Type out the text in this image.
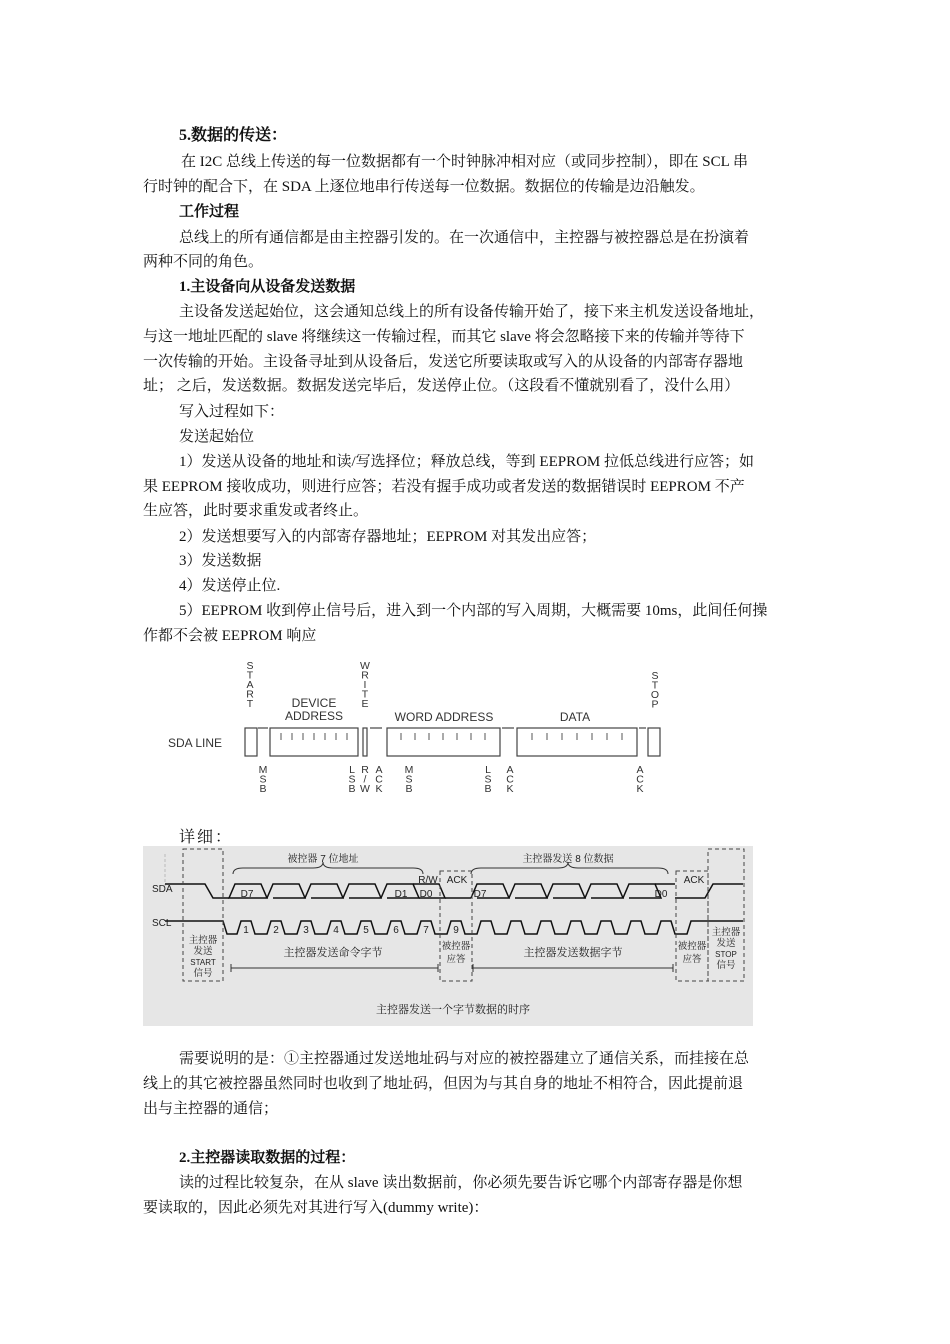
5.数据的传送：
在 I2C 总线上传送的每一位数据都有一个时钟脉冲相对应（或同步控制），即在 SCL 串
行时钟的配合下，在 SDA 上逐位地串行传送每一位数据。数据位的传输是边沿触发。
工作过程
总线上的所有通信都是由主控器引发的。在一次通信中，主控器与被控器总是在扮演着
两种不同的角色。
1.主设备向从设备发送数据
主设备发送起始位，这会通知总线上的所有设备传输开始了，接下来主机发送设备地址，
与这一地址匹配的 slave 将继续这一传输过程，而其它 slave 将会忽略接下来的传输并等待下
一次传输的开始。主设备寻址到从设备后，发送它所要读取或写入的从设备的内部寄存器地
址； 之后，发送数据。数据发送完毕后，发送停止位。（这段看不懂就别看了，没什么用）
写入过程如下：
发送起始位
1）发送从设备的地址和读/写选择位；释放总线，等到 EEPROM 拉低总线进行应答；如
果 EEPROM 接收成功，则进行应答；若没有握手成功或者发送的数据错误时 EEPROM 不产
生应答，此时要求重发或者终止。
2）发送想要写入的内部寄存器地址；EEPROM 对其发出应答；
3）发送数据
4）发送停止位.
5）EEPROM 收到停止信号后，进入到一个内部的写入周期，大概需要 10ms，此间任何操
作都不会被 EEPROM 响应
S T A R T
W R I T E
S T O P
DEVICE
ADDRESS	WORD ADDRESS	DATA
SDA LINE
M S B
L S B
R / W
A C K
M S B
L S B
A C K
A C K
详细：
SDA
SCL
被控器 7 位地址	主控器发送 8 位数据
R/W ACK	ACK
D7	D1 D0	D7	D0
1 2 3 4 5 6 7 9
主控器
发送
START
信号
主控器
发送
STOP
信号
被控器
应答
被控器
应答
主控器发送命令字节	主控器发送数据字节
主控器发送一个字节数据的时序
需要说明的是：①主控器通过发送地址码与对应的被控器建立了通信关系，而挂接在总
线上的其它被控器虽然同时也收到了地址码，但因为与其自身的地址不相符合，因此提前退
出与主控器的通信；
2.主控器读取数据的过程：
读的过程比较复杂，在从 slave 读出数据前，你必须先要告诉它哪个内部寄存器是你想
要读取的，因此必须先对其进行写入(dummy write)：
